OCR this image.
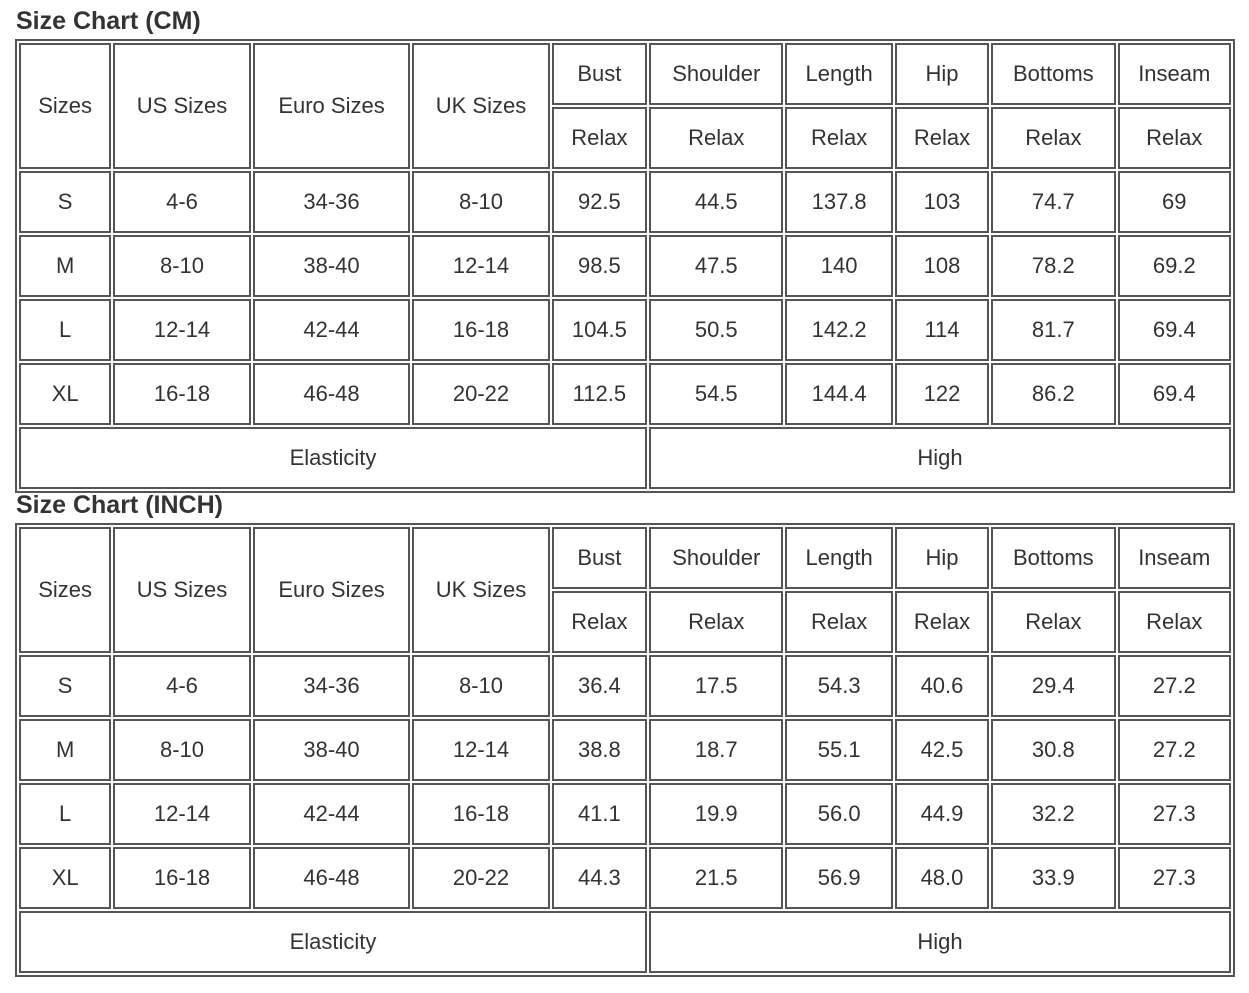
Size Chart (CM)
Sizes	US Sizes	Euro Sizes	UK Sizes	Bust	Shoulder	Length	Hip	Bottoms	Inseam
				Relax	Relax	Relax	Relax	Relax	Relax
S	4-6	34-36	8-10	92.5	44.5	137.8	103	74.7	69
M	8-10	38-40	12-14	98.5	47.5	140	108	78.2	69.2
L	12-14	42-44	16-18	104.5	50.5	142.2	114	81.7	69.4
XL	16-18	46-48	20-22	112.5	54.5	144.4	122	86.2	69.4
Elasticity					High				
Size Chart (INCH)
Sizes	US Sizes	Euro Sizes	UK Sizes	Bust	Shoulder	Length	Hip	Bottoms	Inseam
				Relax	Relax	Relax	Relax	Relax	Relax
S	4-6	34-36	8-10	36.4	17.5	54.3	40.6	29.4	27.2
M	8-10	38-40	12-14	38.8	18.7	55.1	42.5	30.8	27.2
L	12-14	42-44	16-18	41.1	19.9	56.0	44.9	32.2	27.3
XL	16-18	46-48	20-22	44.3	21.5	56.9	48.0	33.9	27.3
Elasticity					High				
